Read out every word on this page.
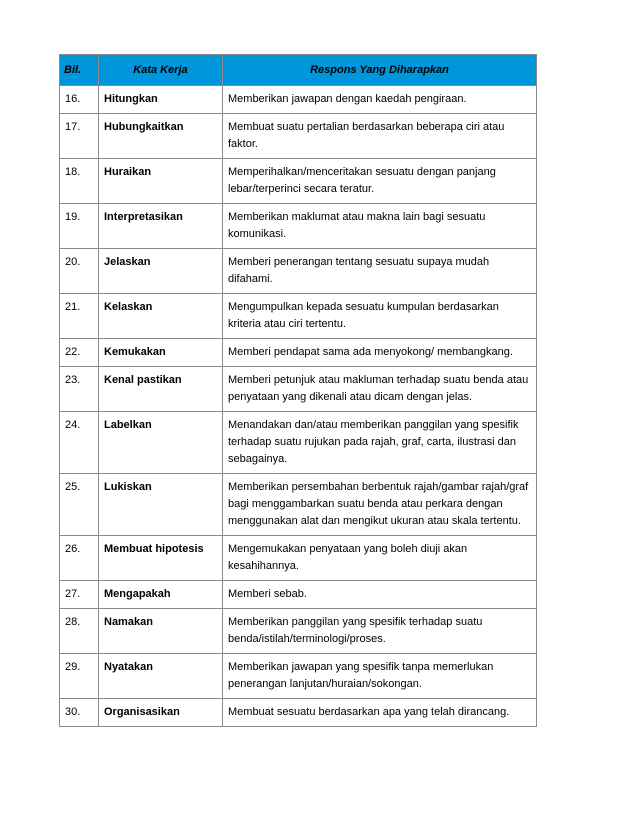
Bil.	Kata Kerja	Respons Yang Diharapkan
16.	Hitungkan	Memberikan jawapan dengan kaedah pengiraan.
17.	Hubungkaitkan	Membuat suatu pertalian berdasarkan beberapa ciri atau faktor.
18.	Huraikan	Memperihalkan/menceritakan sesuatu dengan panjang lebar/terperinci secara teratur.
19.	Interpretasikan	Memberikan maklumat atau makna lain bagi sesuatu komunikasi.
20.	Jelaskan	Memberi penerangan tentang sesuatu supaya mudah difahami.
21.	Kelaskan	Mengumpulkan kepada sesuatu kumpulan berdasarkan kriteria atau ciri tertentu.
22.	Kemukakan	Memberi pendapat sama ada menyokong/ membangkang.
23.	Kenal pastikan	Memberi petunjuk atau makluman terhadap suatu benda atau penyataan yang dikenali atau dicam dengan jelas.
24.	Labelkan	Menandakan dan/atau memberikan panggilan yang spesifik terhadap suatu rujukan pada rajah, graf, carta, ilustrasi dan sebagainya.
25.	Lukiskan	Memberikan persembahan berbentuk rajah/gambar rajah/graf bagi menggambarkan suatu benda atau perkara dengan menggunakan alat dan mengikut ukuran atau skala tertentu.
26.	Membuat hipotesis	Mengemukakan penyataan yang boleh diuji akan kesahihannya.
27.	Mengapakah	Memberi sebab.
28.	Namakan	Memberikan panggilan yang spesifik terhadap suatu benda/istilah/terminologi/proses.
29.	Nyatakan	Memberikan jawapan yang spesifik tanpa memerlukan penerangan lanjutan/huraian/sokongan.
30.	Organisasikan	Membuat sesuatu berdasarkan apa yang telah dirancang.
